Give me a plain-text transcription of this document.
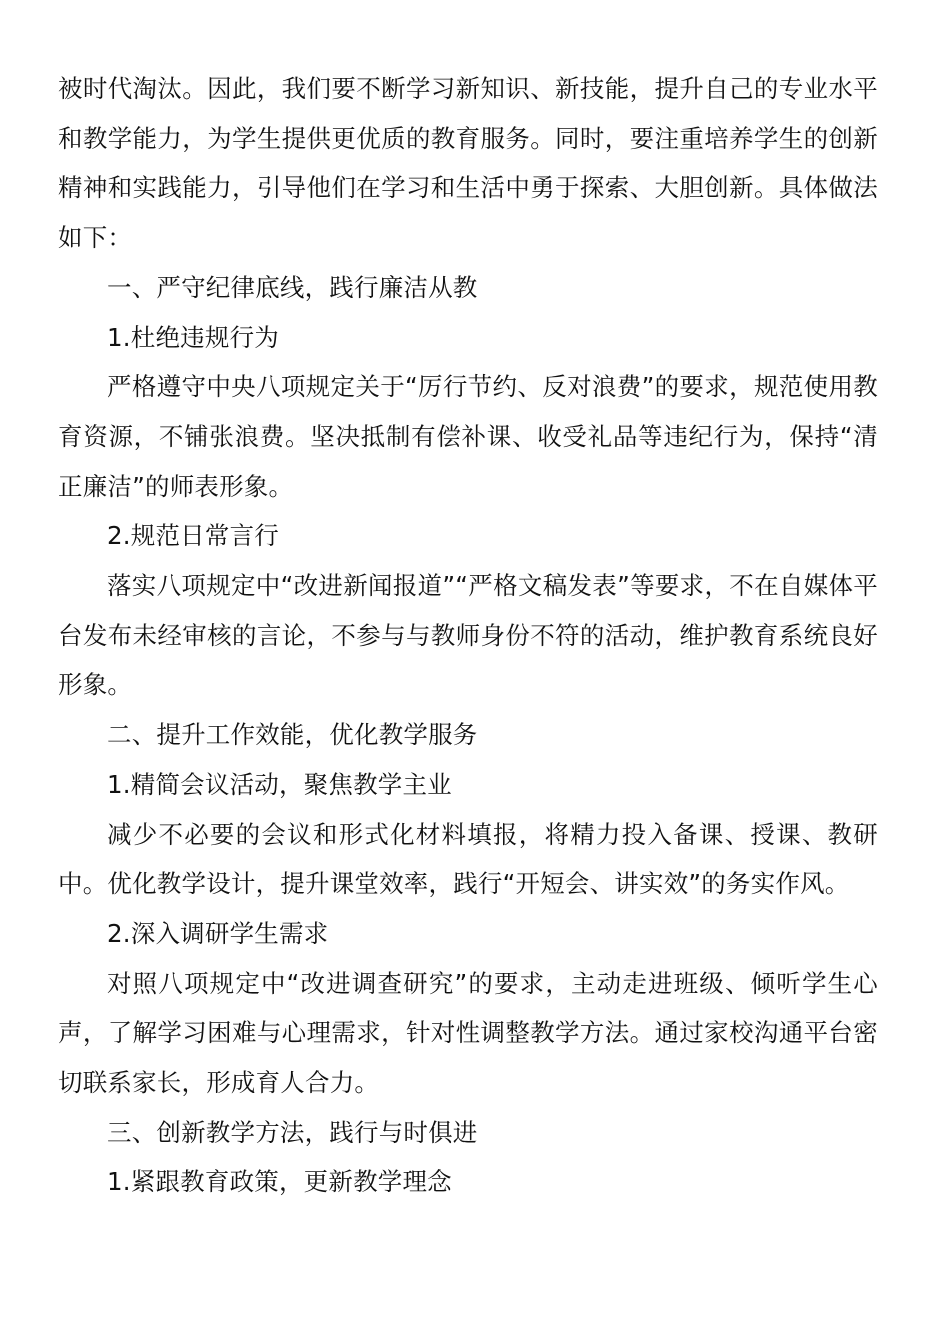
被时代淘汰。因此，我们要不断学习新知识、新技能，提升自己的专业水平和教学能力，为学生提供更优质的教育服务。同时，要注重培养学生的创新精神和实践能力，引导他们在学习和生活中勇于探索、大胆创新。具体做法如下：

一、严守纪律底线，践行廉洁从教

1.杜绝违规行为

严格遵守中央八项规定关于“厉行节约、反对浪费”的要求，规范使用教育资源，不铺张浪费。坚决抵制有偿补课、收受礼品等违纪行为，保持“清正廉洁”的师表形象。

2.规范日常言行

落实八项规定中“改进新闻报道”“严格文稿发表”等要求，不在自媒体平台发布未经审核的言论，不参与与教师身份不符的活动，维护教育系统良好形象。

二、提升工作效能，优化教学服务

1.精简会议活动，聚焦教学主业

减少不必要的会议和形式化材料填报，将精力投入备课、授课、教研中。优化教学设计，提升课堂效率，践行“开短会、讲实效”的务实作风。

2.深入调研学生需求

对照八项规定中“改进调查研究”的要求，主动走进班级、倾听学生心声，了解学习困难与心理需求，针对性调整教学方法。通过家校沟通平台密切联系家长，形成育人合力。

三、创新教学方法，践行与时俱进

1.紧跟教育政策，更新教学理念
